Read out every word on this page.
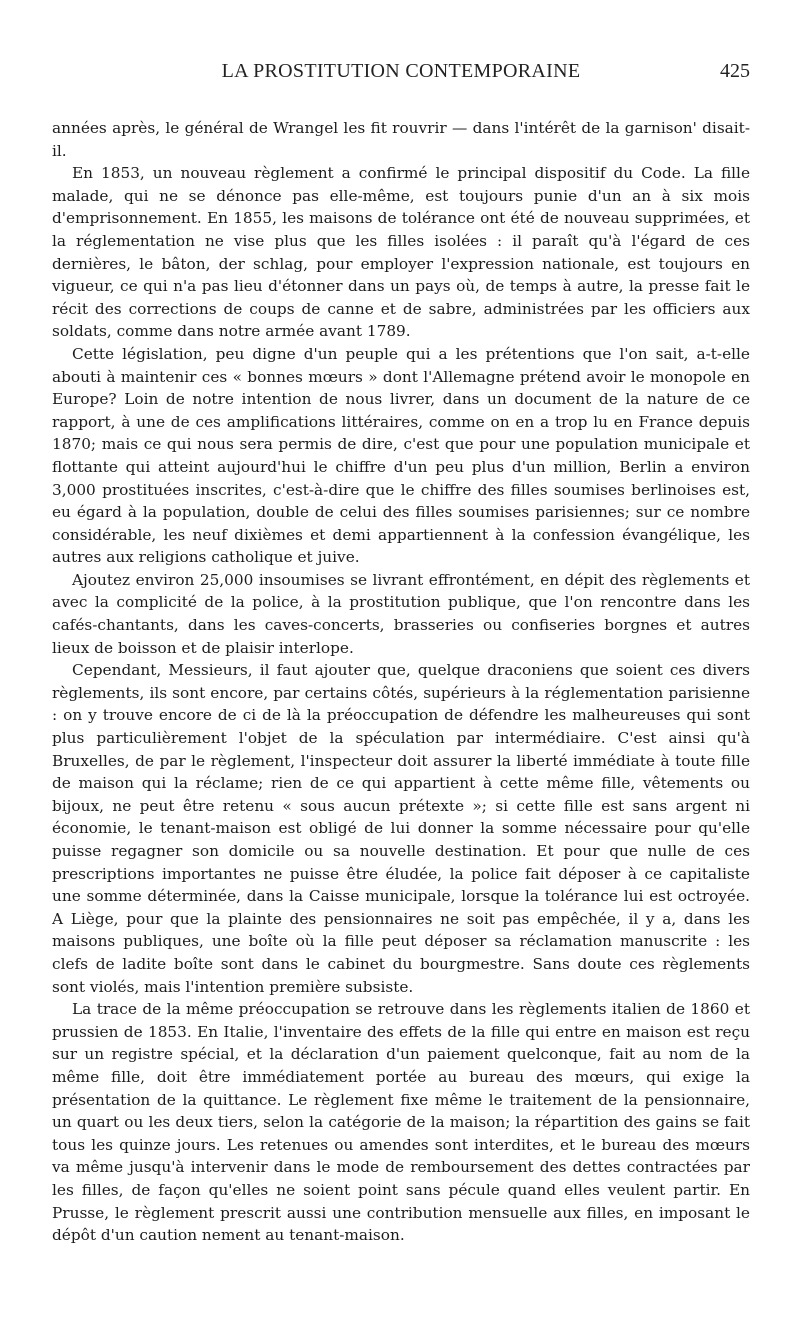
LA PROSTITUTION CONTEMPORAINE	425

années après, le général de Wrangel les fit rouvrir — dans l'intérêt de la garnison' disait-il.

En 1853, un nouveau règlement a confirmé le principal dispositif du Code. La fille malade, qui ne se dénonce pas elle-même, est toujours punie d'un an à six mois d'emprisonnement. En 1855, les maisons de tolérance ont été de nouveau supprimées, et la réglementation ne vise plus que les filles isolées : il paraît qu'à l'égard de ces dernières, le bâton, der schlag, pour employer l'expression nationale, est toujours en vigueur, ce qui n'a pas lieu d'étonner dans un pays où, de temps à autre, la presse fait le récit des corrections de coups de canne et de sabre, administrées par les officiers aux soldats, comme dans notre armée avant 1789.

Cette législation, peu digne d'un peuple qui a les prétentions que l'on sait, a-t-elle abouti à maintenir ces « bonnes mœurs » dont l'Allemagne prétend avoir le monopole en Europe? Loin de notre intention de nous livrer, dans un document de la nature de ce rapport, à une de ces amplifications littéraires, comme on en a trop lu en France depuis 1870; mais ce qui nous sera permis de dire, c'est que pour une population municipale et flottante qui atteint aujourd'hui le chiffre d'un peu plus d'un million, Berlin a environ 3,000 prostituées inscrites, c'est-à-dire que le chiffre des filles soumises berlinoises est, eu égard à la population, double de celui des filles soumises parisiennes; sur ce nombre considérable, les neuf dixièmes et demi appartiennent à la confession évangélique, les autres aux religions catholique et juive.

Ajoutez environ 25,000 insoumises se livrant effrontément, en dépit des règlements et avec la complicité de la police, à la prostitution publique, que l'on rencontre dans les cafés-chantants, dans les caves-concerts, brasseries ou confiseries borgnes et autres lieux de boisson et de plaisir interlope.

Cependant, Messieurs, il faut ajouter que, quelque draconiens que soient ces divers règlements, ils sont encore, par certains côtés, supérieurs à la réglementation parisienne : on y trouve encore de ci de là la préoccupation de défendre les malheureuses qui sont plus particulièrement l'objet de la spéculation par intermédiaire. C'est ainsi qu'à Bruxelles, de par le règlement, l'inspecteur doit assurer la liberté immédiate à toute fille de maison qui la réclame; rien de ce qui appartient à cette même fille, vêtements ou bijoux, ne peut être retenu « sous aucun prétexte »; si cette fille est sans argent ni économie, le tenant-maison est obligé de lui donner la somme nécessaire pour qu'elle puisse regagner son domicile ou sa nouvelle destination. Et pour que nulle de ces prescriptions importantes ne puisse être éludée, la police fait déposer à ce capitaliste une somme déterminée, dans la Caisse municipale, lorsque la tolérance lui est octroyée. A Liège, pour que la plainte des pensionnaires ne soit pas empêchée, il y a, dans les maisons publiques, une boîte où la fille peut déposer sa réclamation manuscrite : les clefs de ladite boîte sont dans le cabinet du bourgmestre. Sans doute ces règlements sont violés, mais l'intention première subsiste.

La trace de la même préoccupation se retrouve dans les règlements italien de 1860 et prussien de 1853. En Italie, l'inventaire des effets de la fille qui entre en maison est reçu sur un registre spécial, et la déclaration d'un paiement quelconque, fait au nom de la même fille, doit être immédiatement portée au bureau des mœurs, qui exige la présentation de la quittance. Le règlement fixe même le traitement de la pensionnaire, un quart ou les deux tiers, selon la catégorie de la maison; la répartition des gains se fait tous les quinze jours. Les retenues ou amendes sont interdites, et le bureau des mœurs va même jusqu'à intervenir dans le mode de remboursement des dettes contractées par les filles, de façon qu'elles ne soient point sans pécule quand elles veulent partir. En Prusse, le règlement prescrit aussi une contribution mensuelle aux filles, en imposant le dépôt d'un caution nement au tenant-maison.
